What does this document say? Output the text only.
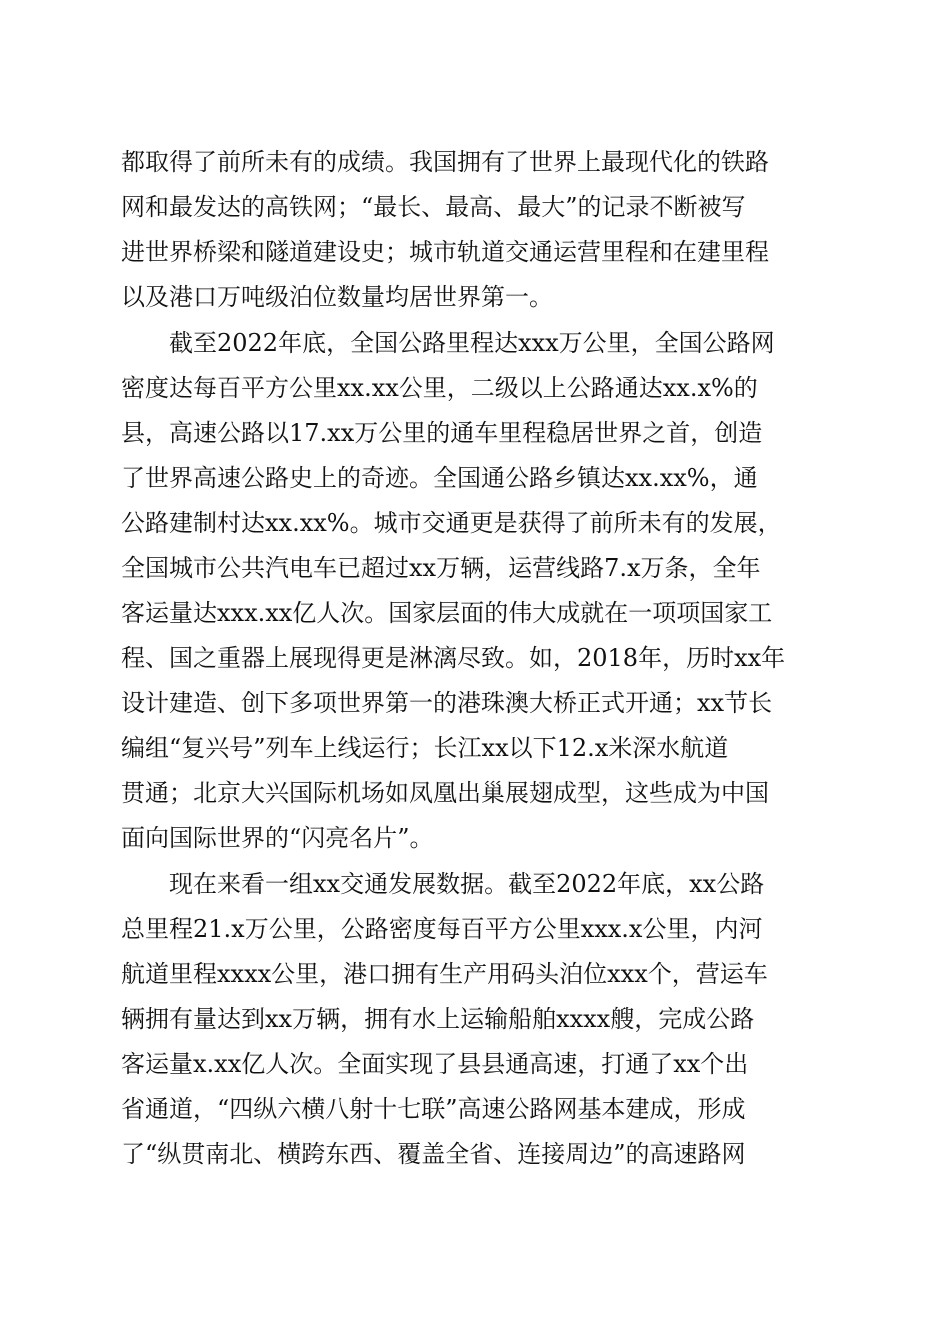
都取得了前所未有的成绩。我国拥有了世界上最现代化的铁路

网和最发达的高铁网；“最长、最高、最大”的记录不断被写

进世界桥梁和隧道建设史；城市轨道交通运营里程和在建里程

以及港口万吨级泊位数量均居世界第一。

截至2022年底，全国公路里程达xxx万公里，全国公路网

密度达每百平方公里xx.xx公里，二级以上公路通达xx.x%的

县，高速公路以17.xx万公里的通车里程稳居世界之首，创造

了世界高速公路史上的奇迹。全国通公路乡镇达xx.xx%，通

公路建制村达xx.xx%。城市交通更是获得了前所未有的发展，

全国城市公共汽电车已超过xx万辆，运营线路7.x万条，全年

客运量达xxx.xx亿人次。国家层面的伟大成就在一项项国家工

程、国之重器上展现得更是淋漓尽致。如，2018年，历时xx年

设计建造、创下多项世界第一的港珠澳大桥正式开通；xx节长

编组“复兴号”列车上线运行；长江xx以下12.x米深水航道

贯通；北京大兴国际机场如凤凰出巢展翅成型，这些成为中国

面向国际世界的“闪亮名片”。

现在来看一组xx交通发展数据。截至2022年底，xx公路

总里程21.x万公里，公路密度每百平方公里xxx.x公里，内河

航道里程xxxx公里，港口拥有生产用码头泊位xxx个，营运车

辆拥有量达到xx万辆，拥有水上运输船舶xxxx艘，完成公路

客运量x.xx亿人次。全面实现了县县通高速，打通了xx个出

省通道，“四纵六横八射十七联”高速公路网基本建成，形成

了“纵贯南北、横跨东西、覆盖全省、连接周边”的高速路网
